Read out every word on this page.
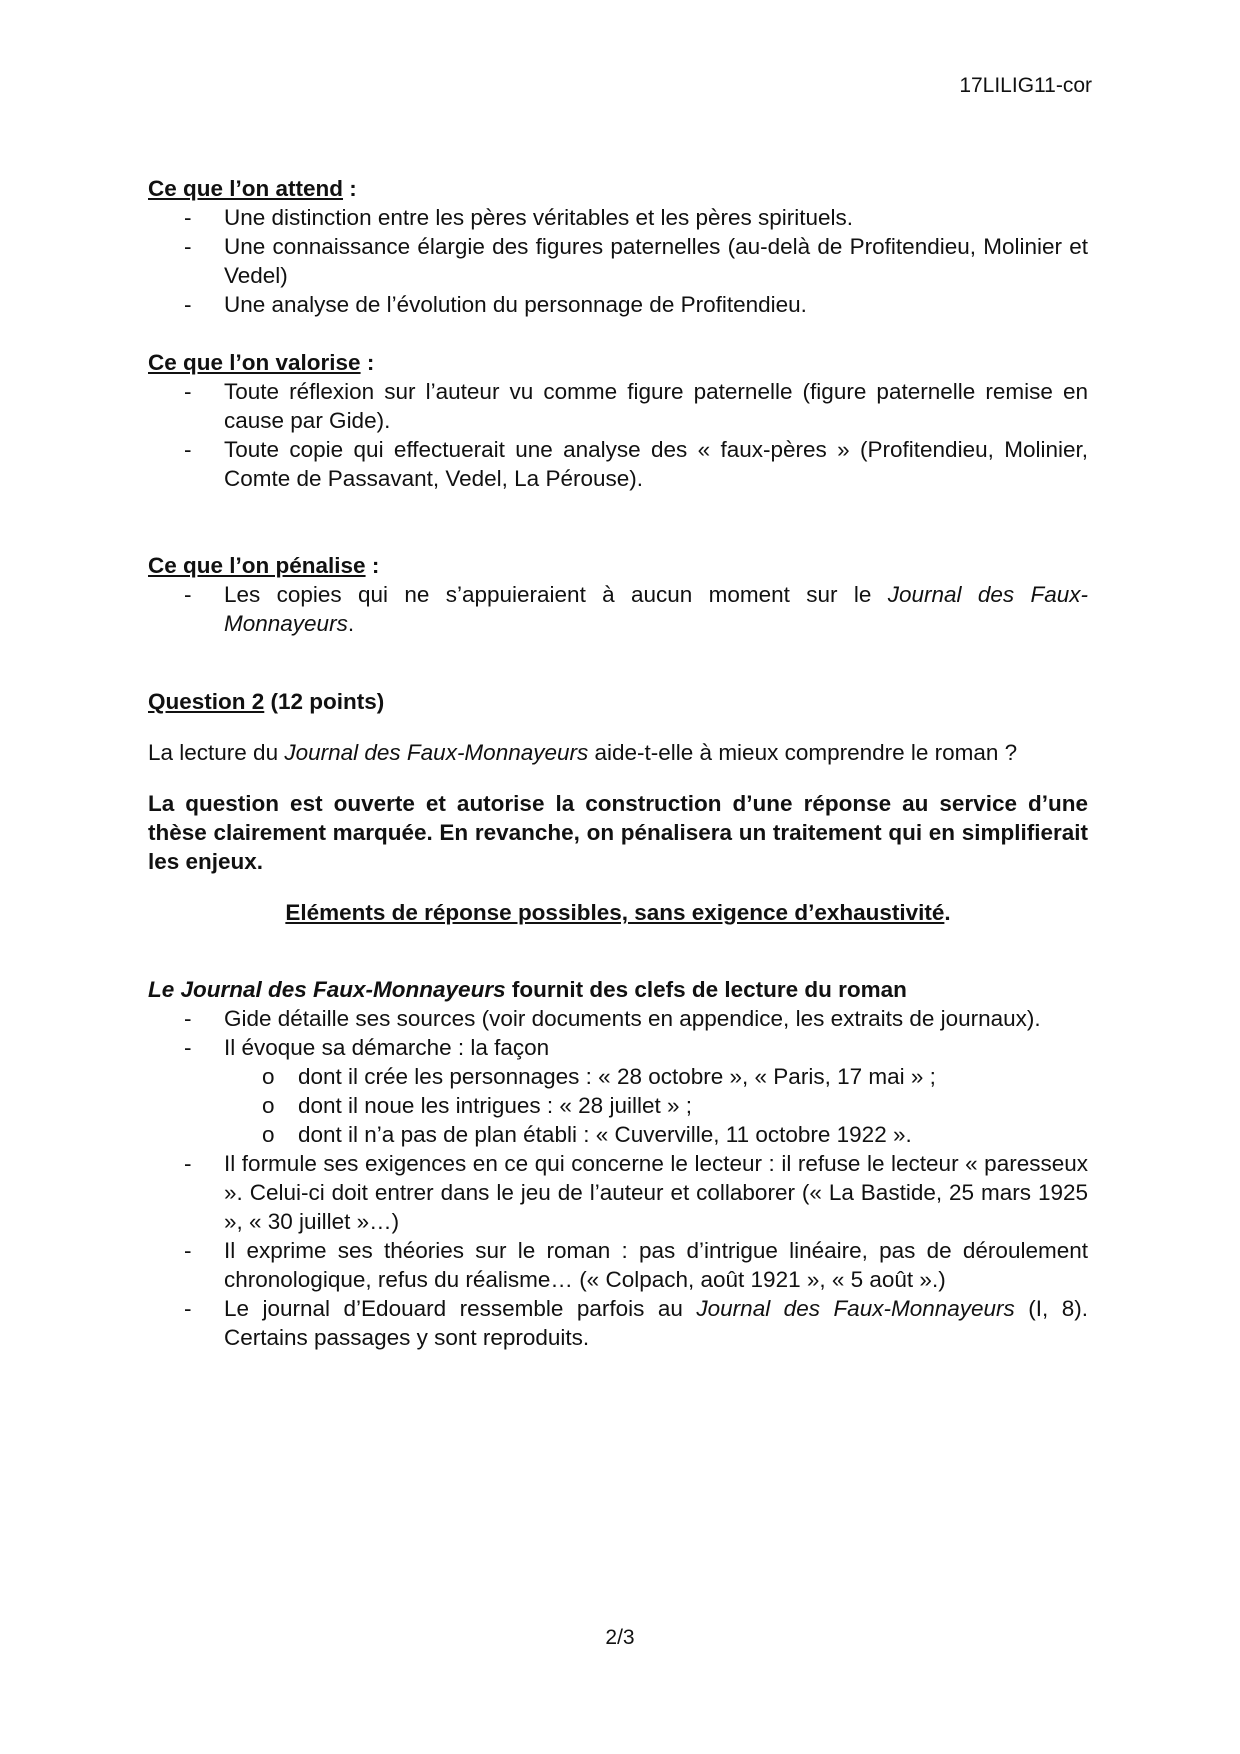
17LILIG11-cor

Ce que l’on attend :

- Une distinction entre les pères véritables et les pères spirituels.
- Une connaissance élargie des figures paternelles (au-delà de Profitendieu, Molinier et Vedel)
- Une analyse de l’évolution du personnage de Profitendieu.

Ce que l’on valorise :

- Toute réflexion sur l’auteur vu comme figure paternelle (figure paternelle remise en cause par Gide).
- Toute copie qui effectuerait une analyse des « faux-pères » (Profitendieu, Molinier, Comte de Passavant, Vedel, La Pérouse).

Ce que l’on pénalise :

- Les copies qui ne s’appuieraient à aucun moment sur le Journal des Faux-Monnayeurs.

Question 2 (12 points)

La lecture du Journal des Faux-Monnayeurs aide-t-elle à mieux comprendre le roman ?

La question est ouverte et autorise la construction d’une réponse au service d’une thèse clairement marquée. En revanche, on pénalisera un traitement qui en simplifierait les enjeux.

Eléments de réponse possibles, sans exigence d’exhaustivité.

Le Journal des Faux-Monnayeurs fournit des clefs de lecture du roman

- Gide détaille ses sources (voir documents en appendice, les extraits de journaux).
- Il évoque sa démarche : la façon
o dont il crée les personnages : « 28 octobre », « Paris, 17 mai » ;
o dont il noue les intrigues : « 28 juillet » ;
o dont il n’a pas de plan établi : « Cuverville, 11 octobre 1922 ».
- Il formule ses exigences en ce qui concerne le lecteur : il refuse le lecteur « paresseux ». Celui-ci doit entrer dans le jeu de l’auteur et collaborer (« La Bastide, 25 mars 1925 », « 30 juillet »…)
- Il exprime ses théories sur le roman : pas d’intrigue linéaire, pas de déroulement chronologique, refus du réalisme… (« Colpach, août 1921 », « 5 août ».)
- Le journal d’Edouard ressemble parfois au Journal des Faux-Monnayeurs (I, 8). Certains passages y sont reproduits.
2/3
